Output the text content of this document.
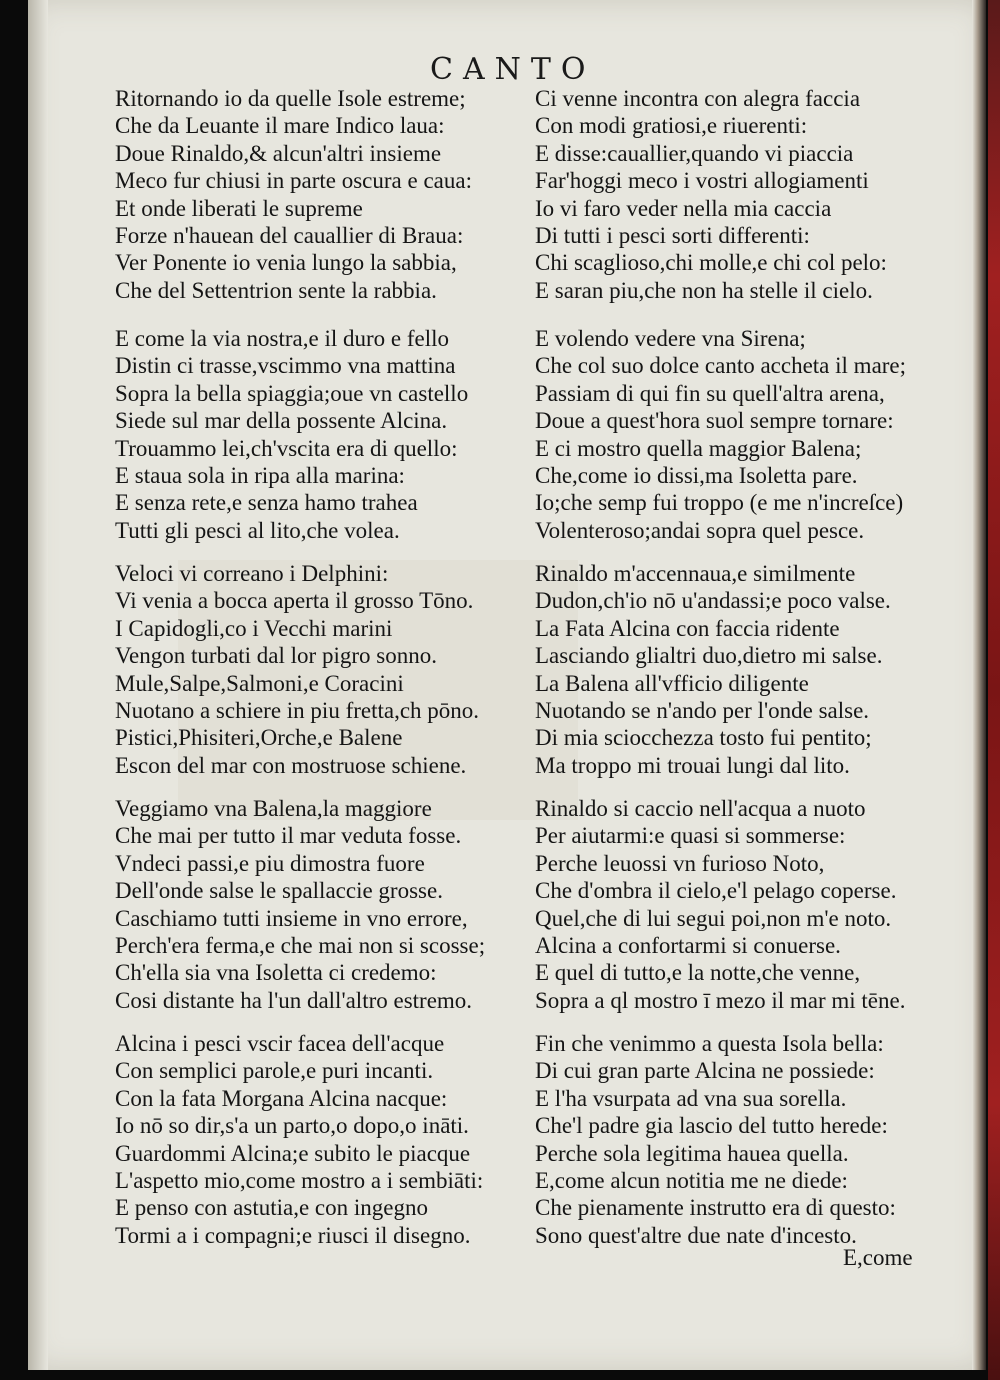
CANTO
Ritornando io da quelle Isole estreme;
Che da Leuante il mare Indico laua:
Doue Rinaldo,& alcun'altri insieme
Meco fur chiusi in parte oscura e caua:
Et onde liberati le supreme
Forze n'hauean del cauallier di Braua:
Ver Ponente io venia lungo la sabbia,
Che del Settentrion sente la rabbia.
E come la via nostra,e il duro e fello
Distin ci trasse,vscimmo vna mattina
Sopra la bella spiaggia;oue vn castello
Siede sul mar della possente Alcina.
Trouammo lei,ch'vscita era di quello:
E staua sola in ripa alla marina:
E senza rete,e senza hamo trahea
Tutti gli pesci al lito,che volea.
Veloci vi correano i Delphini:
Vi venia a bocca aperta il grosso Tōno.
I Capidogli,co i Vecchi marini
Vengon turbati dal lor pigro sonno.
Mule,Salpe,Salmoni,e Coracini
Nuotano a schiere in piu fretta,ch pōno.
Pistici,Phisiteri,Orche,e Balene
Escon del mar con mostruose schiene.
Veggiamo vna Balena,la maggiore
Che mai per tutto il mar veduta fosse.
Vndeci passi,e piu dimostra fuore
Dell'onde salse le spallaccie grosse.
Caschiamo tutti insieme in vno errore,
Perch'era ferma,e che mai non si scosse;
Ch'ella sia vna Isoletta ci credemo:
Cosi distante ha l'un dall'altro estremo.
Alcina i pesci vscir facea dell'acque
Con semplici parole,e puri incanti.
Con la fata Morgana Alcina nacque:
Io nō so dir,s'a un parto,o dopo,o ināti.
Guardommi Alcina;e subito le piacque
L'aspetto mio,come mostro a i sembiāti:
E penso con astutia,e con ingegno
Tormi a i compagni;e riusci il disegno.
Ci venne incontra con alegra faccia
Con modi gratiosi,e riuerenti:
E disse:cauallier,quando vi piaccia
Far'hoggi meco i vostri allogiamenti
Io vi faro veder nella mia caccia
Di tutti i pesci sorti differenti:
Chi scaglioso,chi molle,e chi col pelo:
E saran piu,che non ha stelle il cielo.
E volendo vedere vna Sirena;
Che col suo dolce canto accheta il mare;
Passiam di qui fin su quell'altra arena,
Doue a quest'hora suol sempre tornare:
E ci mostro quella maggior Balena;
Che,come io dissi,ma Isoletta pare.
Io;che semp fui troppo (e me n'increſce)
Volenteroso;andai sopra quel pesce.
Rinaldo m'accennaua,e similmente
Dudon,ch'io nō u'andassi;e poco valse.
La Fata Alcina con faccia ridente
Lasciando glialtri duo,dietro mi salse.
La Balena all'vfficio diligente
Nuotando se n'ando per l'onde salse.
Di mia sciocchezza tosto fui pentito;
Ma troppo mi trouai lungi dal lito.
Rinaldo si caccio nell'acqua a nuoto
Per aiutarmi:e quasi si sommerse:
Perche leuossi vn furioso Noto,
Che d'ombra il cielo,e'l pelago coperse.
Quel,che di lui segui poi,non m'e noto.
Alcina a confortarmi si conuerse.
E quel di tutto,e la notte,che venne,
Sopra a ql mostro ī mezo il mar mi tēne.
Fin che venimmo a questa Isola bella:
Di cui gran parte Alcina ne possiede:
E l'ha vsurpata ad vna sua sorella.
Che'l padre gia lascio del tutto herede:
Perche sola legitima hauea quella.
E,come alcun notitia me ne diede:
Che pienamente instrutto era di questo:
Sono quest'altre due nate d'incesto.
E,come
